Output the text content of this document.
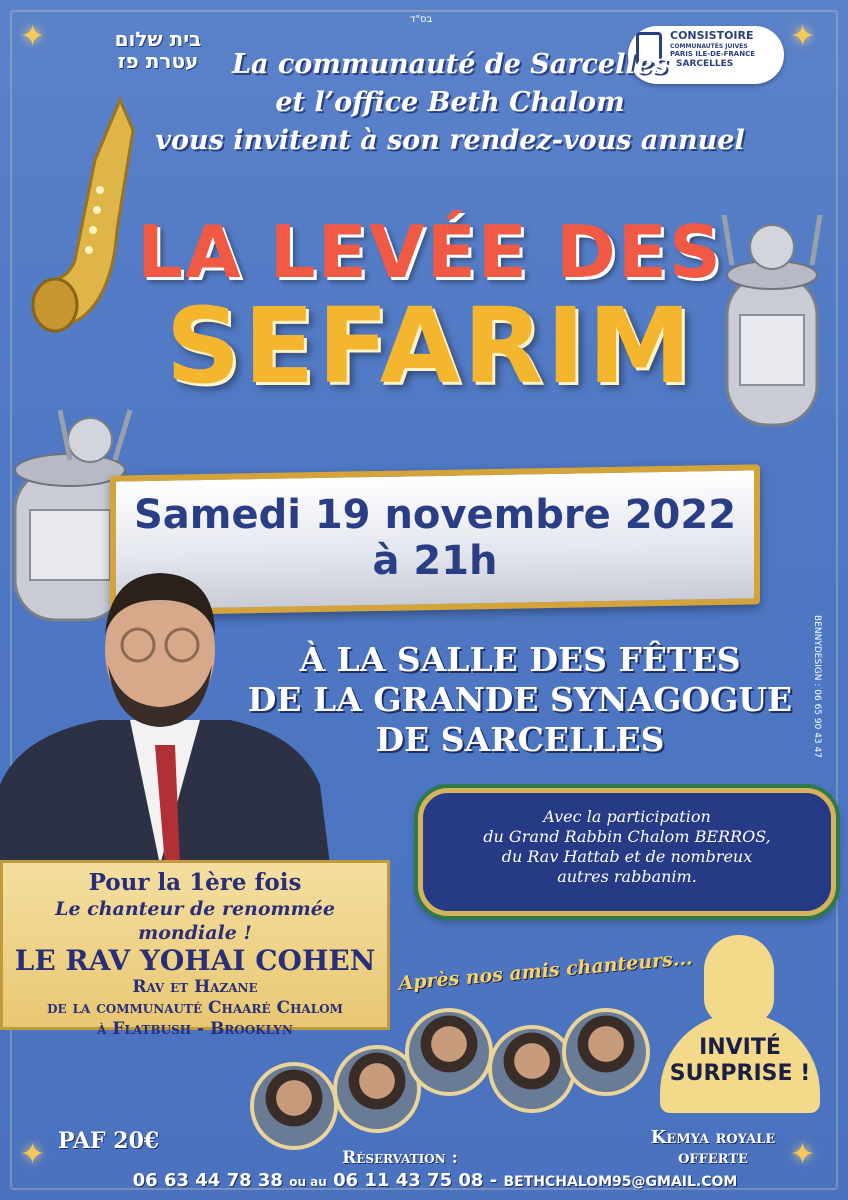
✦	✦
✦	✦
בס"ד
בית שלום
עטרת פז
CONSISTOIRE
COMMUNAUTÉS JUIVES
PARIS ILE-DE-FRANCE
SARCELLES
La communauté de Sarcelles
et l’office Beth Chalom
vous invitent à son rendez-vous annuel
LA LEVÉE DES
SEFARIM
Samedi 19 novembre 2022
à 21h
À LA SALLE DES FÊTES
DE LA GRANDE SYNAGOGUE
DE SARCELLES	BENNYDESIGN : 06 65 90 43 47
Avec la participation
du Grand Rabbin Chalom BERROS,
du Rav Hattab et de nombreux
autres rabbanim.
Pour la 1ère fois
Le chanteur de renommée mondiale !
LE RAV YOHAI COHEN
Rav et Hazane
de la communauté Chaaré Chalom
à Flatbush - Brooklyn
Après nos amis chanteurs...
INVITÉ
SURPRISE !
PAF 20€	Kemya royale
offerte
Réservation :
06 63 44 78 38 ou au 06 11 43 75 08 - BETHCHALOM95@GMAIL.COM
